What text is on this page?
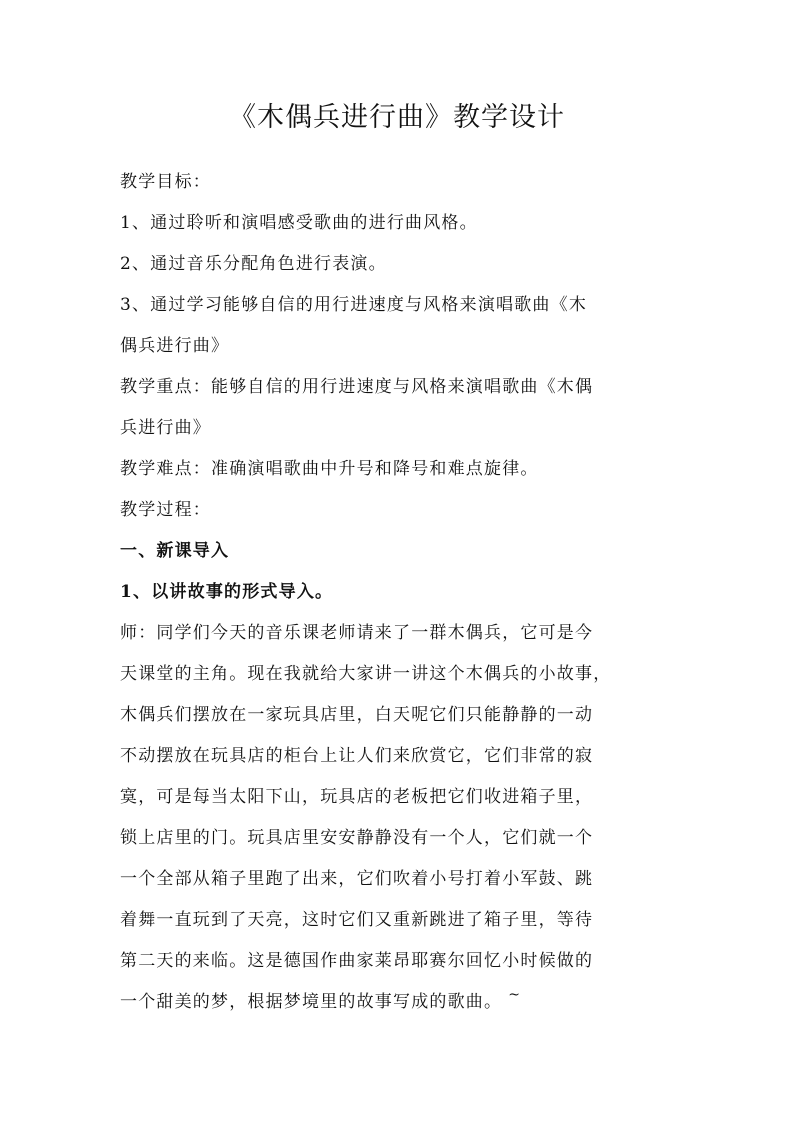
《木偶兵进行曲》教学设计

教学目标：

1、通过聆听和演唱感受歌曲的进行曲风格。

2、通过音乐分配角色进行表演。

3、通过学习能够自信的用行进速度与风格来演唱歌曲《木

偶兵进行曲》

教学重点：能够自信的用行进速度与风格来演唱歌曲《木偶

兵进行曲》

教学难点：准确演唱歌曲中升号和降号和难点旋律。

教学过程：

一、新课导入

1、以讲故事的形式导入。

师：同学们今天的音乐课老师请来了一群木偶兵，它可是今

天课堂的主角。现在我就给大家讲一讲这个木偶兵的小故事，

木偶兵们摆放在一家玩具店里，白天呢它们只能静静的一动

不动摆放在玩具店的柜台上让人们来欣赏它，它们非常的寂

寞，可是每当太阳下山，玩具店的老板把它们收进箱子里，

锁上店里的门。玩具店里安安静静没有一个人，它们就一个

一个全部从箱子里跑了出来，它们吹着小号打着小军鼓、跳

着舞一直玩到了天亮，这时它们又重新跳进了箱子里，等待

第二天的来临。这是德国作曲家莱昂耶赛尔回忆小时候做的

一个甜美的梦，根据梦境里的故事写成的歌曲。 ~
